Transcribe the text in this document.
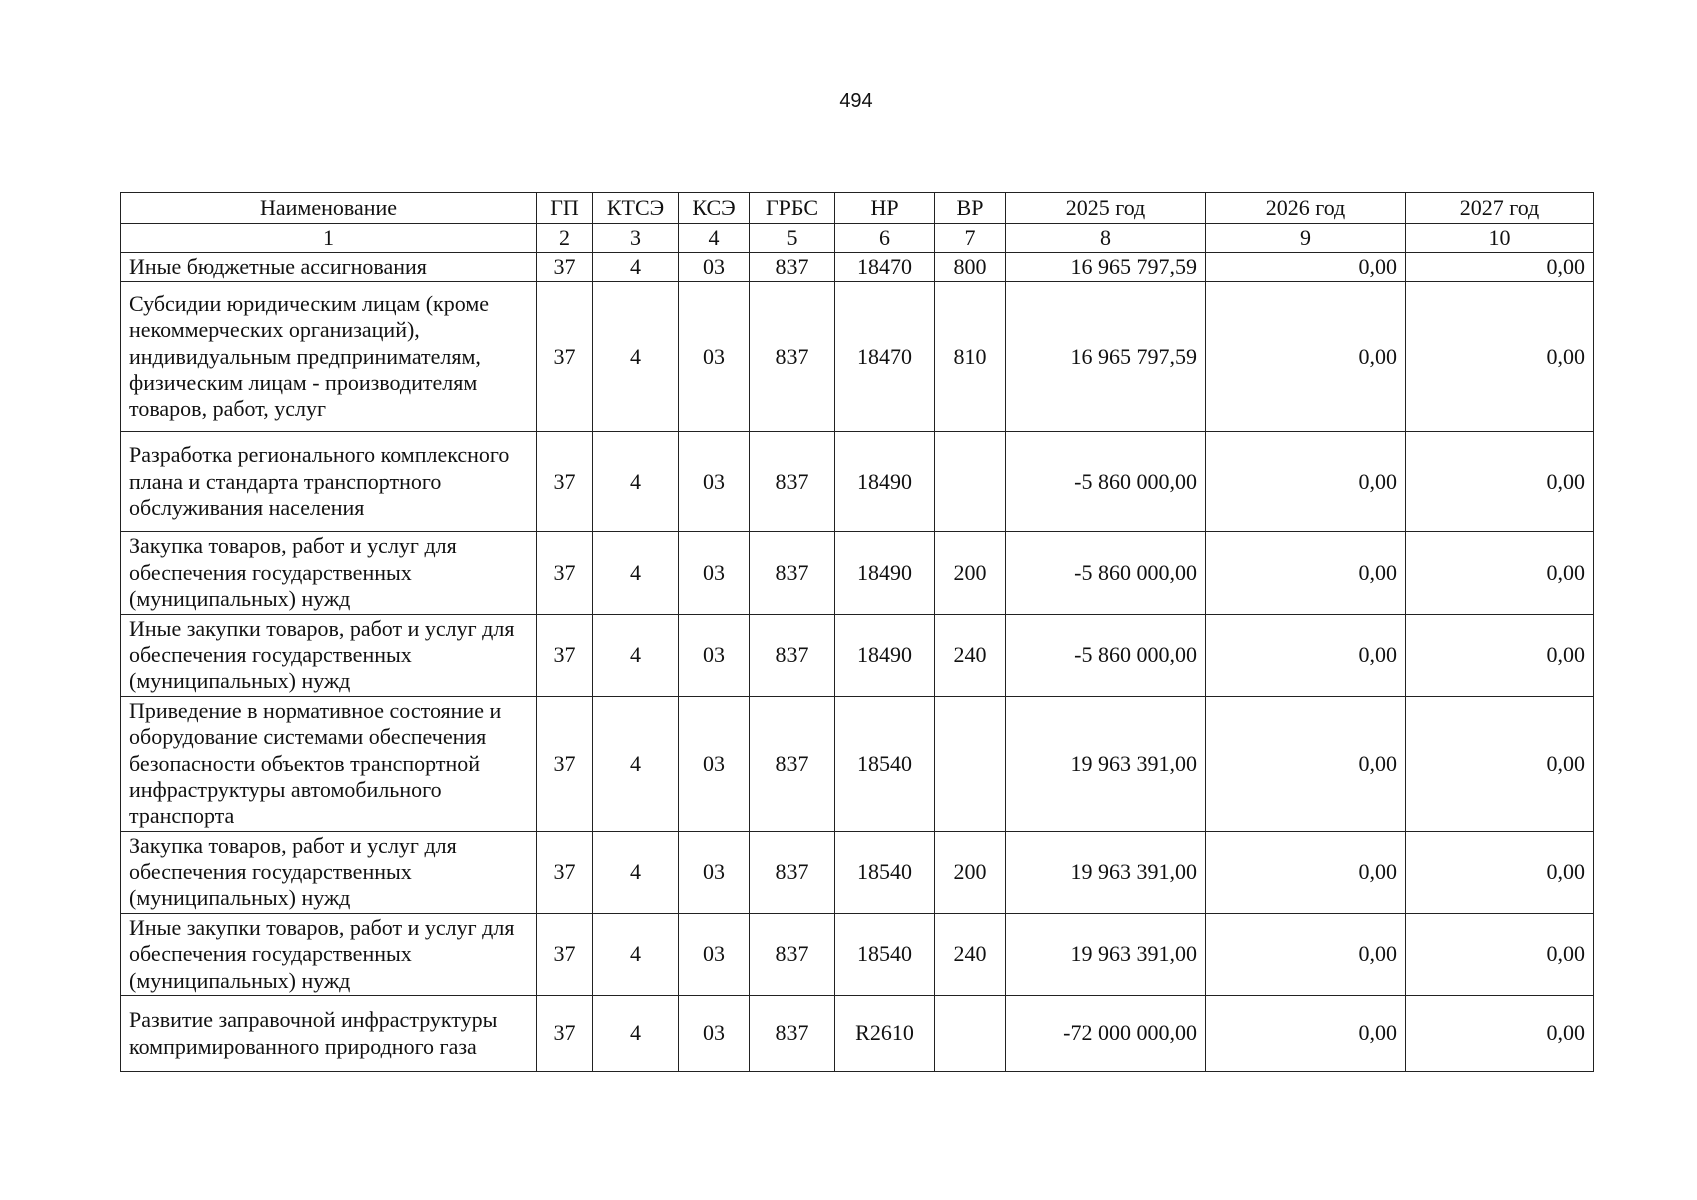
494
Наименование	ГП	КТСЭ	КСЭ	ГРБС	НР	ВР	2025 год	2026 год	2027 год
1	2	3	4	5	6	7	8	9	10
Иные бюджетные ассигнования	37	4	03	837	18470	800	16 965 797,59	0,00	0,00
Субсидии юридическим лицам (кроме некоммерческих организаций), индивидуальным предпринимателям, физическим лицам - производителям товаров, работ, услуг	37	4	03	837	18470	810	16 965 797,59	0,00	0,00
Разработка регионального комплексного плана и стандарта транспортного обслуживания населения	37	4	03	837	18490		-5 860 000,00	0,00	0,00
Закупка товаров, работ и услуг для обеспечения государственных (муниципальных) нужд	37	4	03	837	18490	200	-5 860 000,00	0,00	0,00
Иные закупки товаров, работ и услуг для обеспечения государственных (муниципальных) нужд	37	4	03	837	18490	240	-5 860 000,00	0,00	0,00
Приведение в нормативное состояние и оборудование системами обеспечения безопасности объектов транспортной инфраструктуры автомобильного транспорта	37	4	03	837	18540		19 963 391,00	0,00	0,00
Закупка товаров, работ и услуг для обеспечения государственных (муниципальных) нужд	37	4	03	837	18540	200	19 963 391,00	0,00	0,00
Иные закупки товаров, работ и услуг для обеспечения государственных (муниципальных) нужд	37	4	03	837	18540	240	19 963 391,00	0,00	0,00
Развитие заправочной инфраструктуры компримированного природного газа	37	4	03	837	R2610		-72 000 000,00	0,00	0,00
